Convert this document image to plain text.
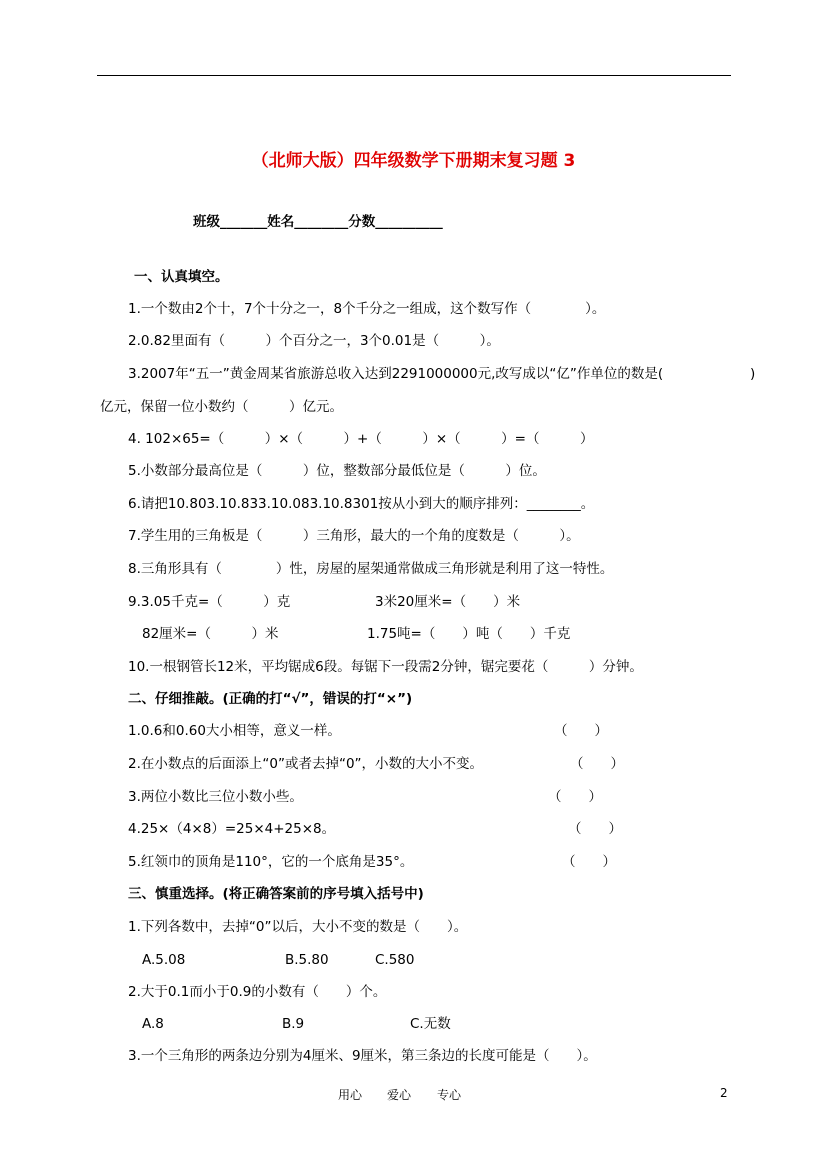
（北师大版）四年级数学下册期末复习题 3
班级_______姓名________分数__________
一、认真填空。
1.一个数由2个十，7个十分之一，8个千分之一组成，这个数写作（　　　　）。
2.0.82里面有（　　　）个百分之一，3个0.01是（　　　）。
3.2007年“五一”黄金周某省旅游总收入达到2291000000元,改写成以“亿”作单位的数是(	)
亿元，保留一位小数约（　　　）亿元。
4. 102×65=（　　　）×（　　　）+（　　　）×（　　　）=（　　　）
5.小数部分最高位是（　　　）位，整数部分最低位是（　　　）位。
6.请把10.803.10.833.10.083.10.8301按从小到大的顺序排列：________。
7.学生用的三角板是（　　　）三角形，最大的一个角的度数是（　　　）。
8.三角形具有（　　　　）性，房屋的屋架通常做成三角形就是利用了这一特性。
9.3.05千克=（　　　）克	3米20厘米=（　　）米
82厘米=（　　　）米	1.75吨=（　　）吨（　　）千克
10.一根钢管长12米，平均锯成6段。每锯下一段需2分钟，锯完要花（　　　）分钟。
二、仔细推敲。(正确的打“√”，错误的打“×”)
1.0.6和0.60大小相等，意义一样。	（　　）
2.在小数点的后面添上“0”或者去掉“0”，小数的大小不变。	（　　）
3.两位小数比三位小数小些。	（　　）
4.25×（4×8）=25×4+25×8。	（　　）
5.红领巾的顶角是110°，它的一个底角是35°。	（　　）
三、慎重选择。(将正确答案前的序号填入括号中)
1.下列各数中，去掉“0”以后，大小不变的数是（　　）。
A.5.08	B.5.80	C.580
2.大于0.1而小于0.9的小数有（　　）个。
A.8	B.9	C.无数
3.一个三角形的两条边分别为4厘米、9厘米，第三条边的长度可能是（　　）。
用心 爱心 专心	2
